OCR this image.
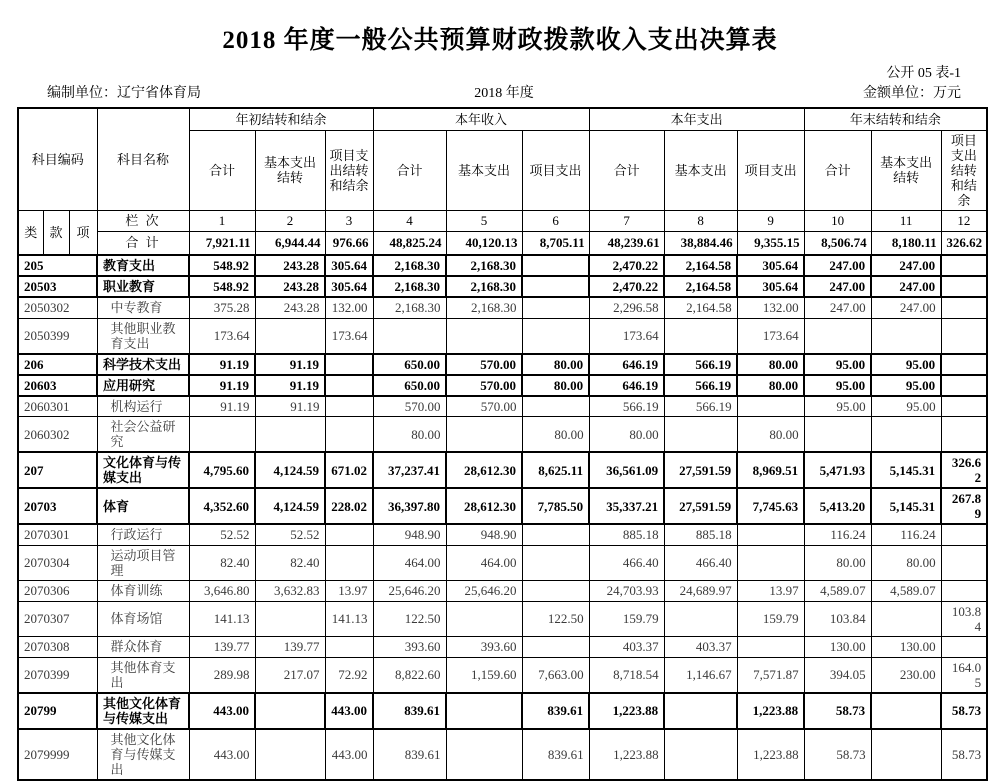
2018 年度一般公共预算财政拨款收入支出决算表
公开 05 表-1
编制单位：辽宁省体育局	2018 年度	金额单位：万元
科目编码			科目名称	年初结转和结余			本年收入			本年支出			年末结转和结余		
				合计	基本支出结转	项目支出结转和结余	合计	基本支出	项目支出	合计	基本支出	项目支出	合计	基本支出结转	项目支出结转和结余
类	款	项	栏 次	1	2	3	4	5	6	7	8	9	10	11	12
			合 计	7,921.11	6,944.44	976.66	48,825.24	40,120.13	8,705.11	48,239.61	38,884.46	9,355.15	8,506.74	8,180.11	326.62
205			教育支出	548.92	243.28	305.64	2,168.30	2,168.30		2,470.22	2,164.58	305.64	247.00	247.00	
20503			职业教育	548.92	243.28	305.64	2,168.30	2,168.30		2,470.22	2,164.58	305.64	247.00	247.00	
2050302			中专教育	375.28	243.28	132.00	2,168.30	2,168.30		2,296.58	2,164.58	132.00	247.00	247.00	
2050399			其他职业教育支出	173.64		173.64				173.64		173.64			
206			科学技术支出	91.19	91.19		650.00	570.00	80.00	646.19	566.19	80.00	95.00	95.00	
20603			应用研究	91.19	91.19		650.00	570.00	80.00	646.19	566.19	80.00	95.00	95.00	
2060301			机构运行	91.19	91.19		570.00	570.00		566.19	566.19		95.00	95.00	
2060302			社会公益研究				80.00		80.00	80.00		80.00			
207			文化体育与传媒支出	4,795.60	4,124.59	671.02	37,237.41	28,612.30	8,625.11	36,561.09	27,591.59	8,969.51	5,471.93	5,145.31	326.62
20703			体育	4,352.60	4,124.59	228.02	36,397.80	28,612.30	7,785.50	35,337.21	27,591.59	7,745.63	5,413.20	5,145.31	267.89
2070301			行政运行	52.52	52.52		948.90	948.90		885.18	885.18		116.24	116.24	
2070304			运动项目管理	82.40	82.40		464.00	464.00		466.40	466.40		80.00	80.00	
2070306			体育训练	3,646.80	3,632.83	13.97	25,646.20	25,646.20		24,703.93	24,689.97	13.97	4,589.07	4,589.07	
2070307			体育场馆	141.13		141.13	122.50		122.50	159.79		159.79	103.84		103.84
2070308			群众体育	139.77	139.77		393.60	393.60		403.37	403.37		130.00	130.00	
2070399			其他体育支出	289.98	217.07	72.92	8,822.60	1,159.60	7,663.00	8,718.54	1,146.67	7,571.87	394.05	230.00	164.05
20799			其他文化体育与传媒支出	443.00		443.00	839.61		839.61	1,223.88		1,223.88	58.73		58.73
2079999			其他文化体育与传媒支出	443.00		443.00	839.61		839.61	1,223.88		1,223.88	58.73		58.73
